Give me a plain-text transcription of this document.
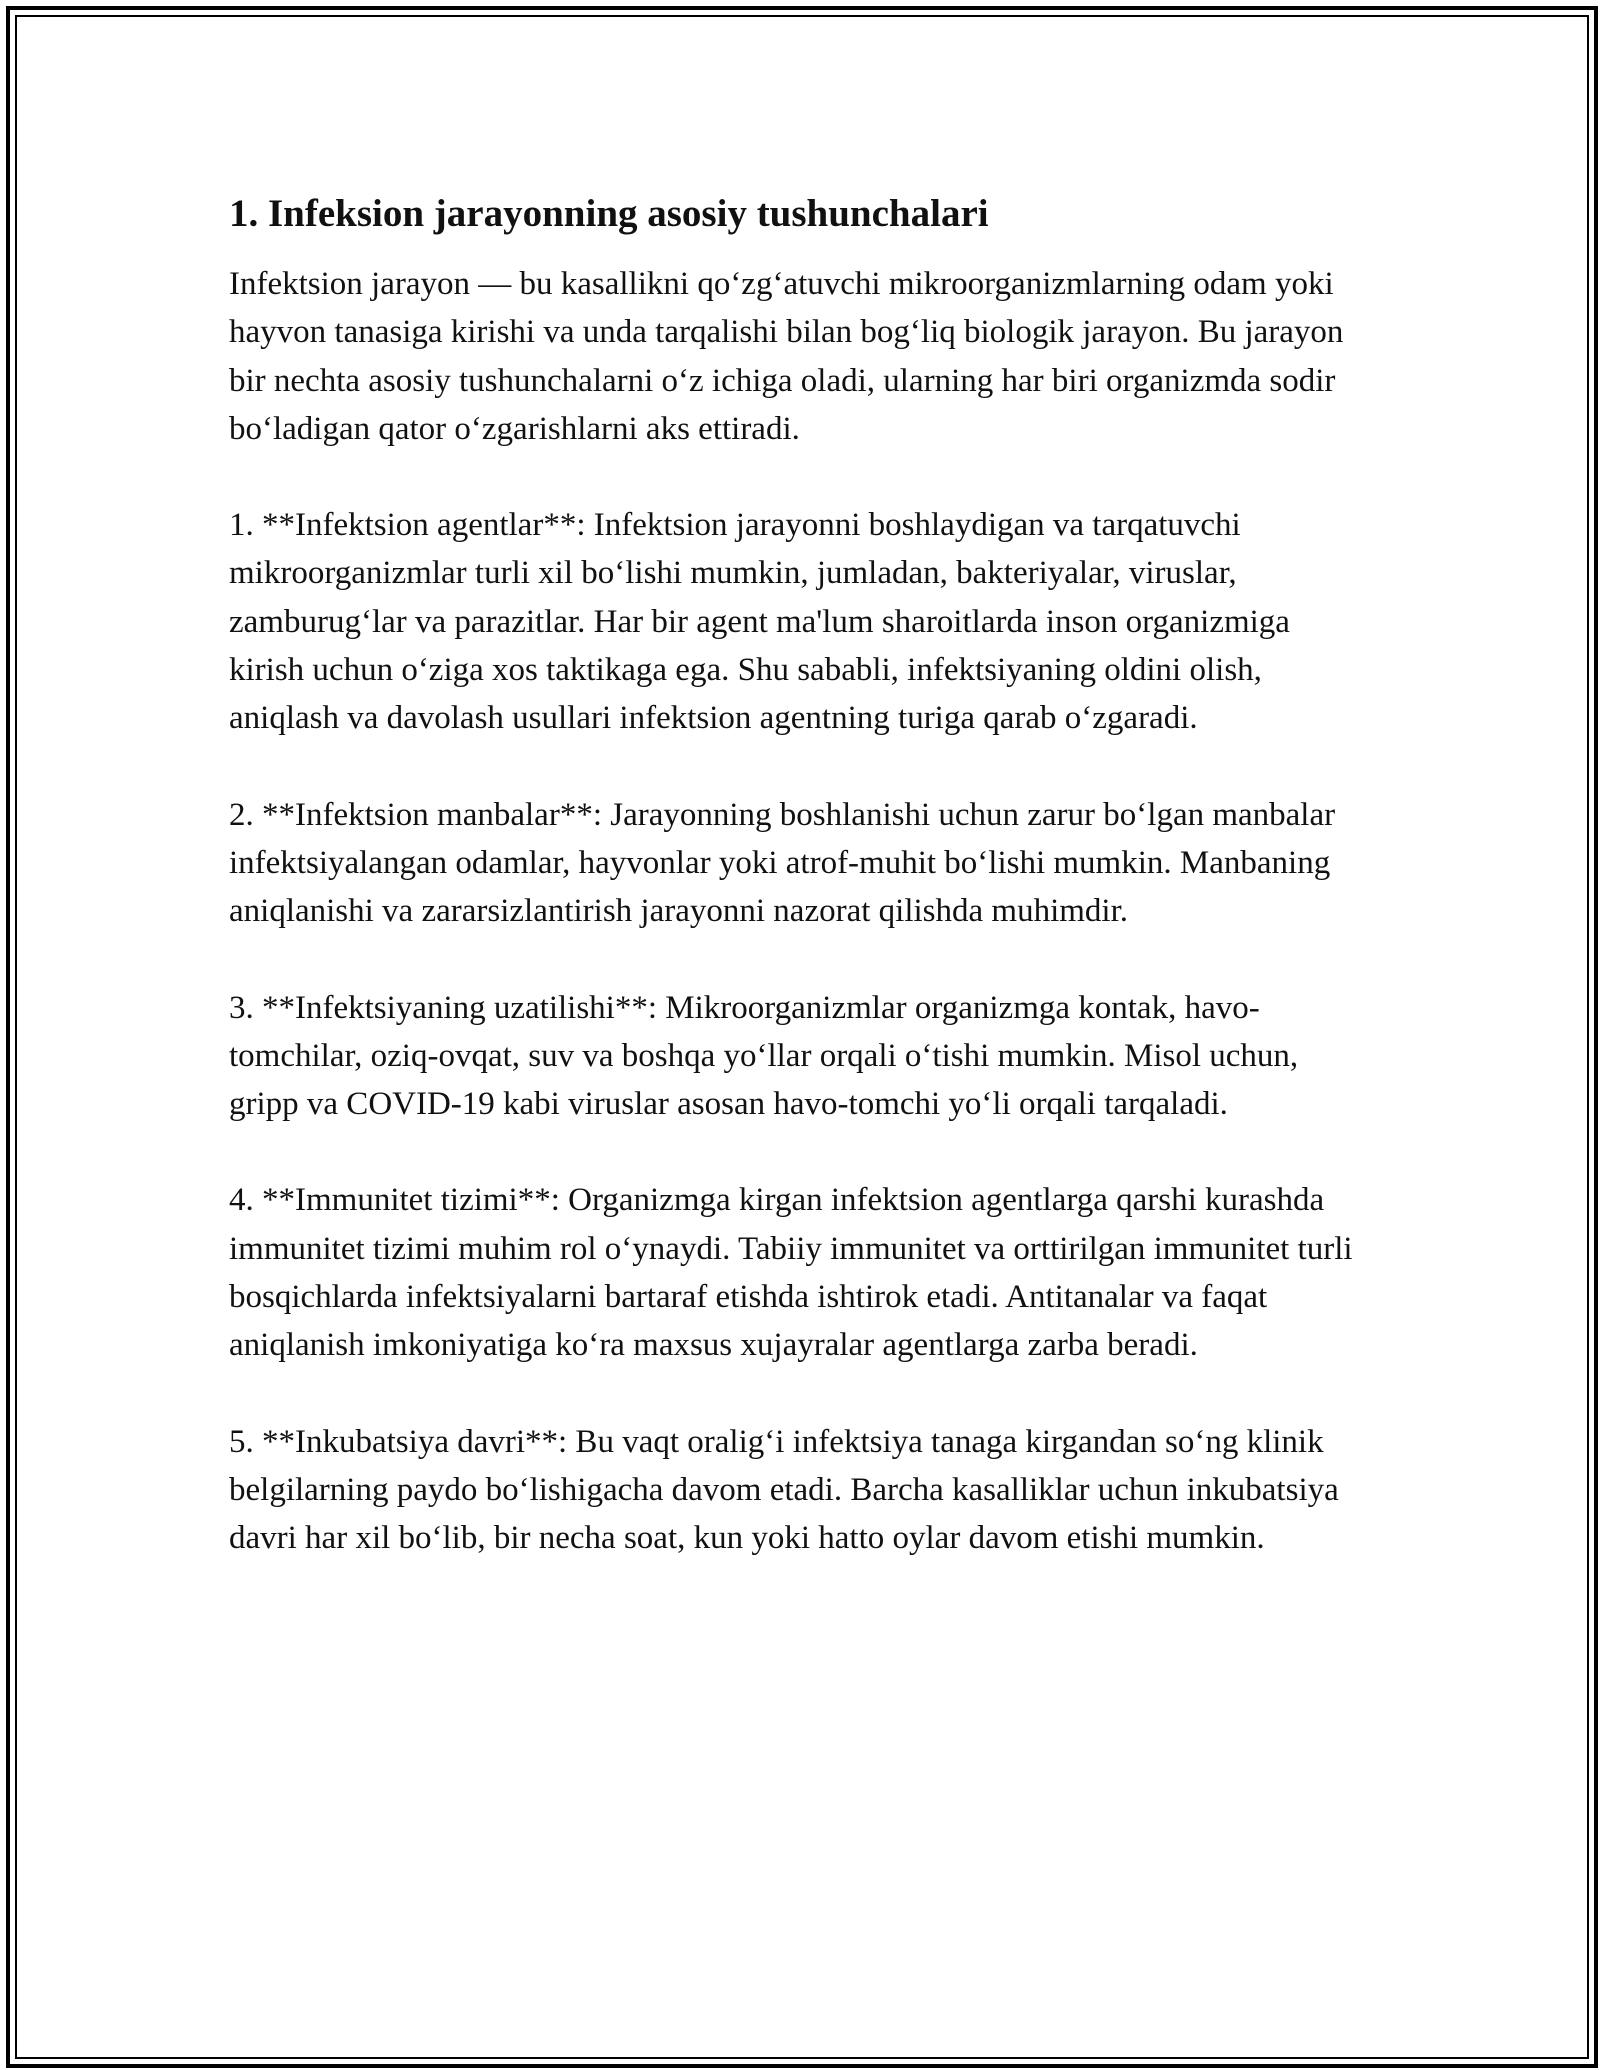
1. Infeksion jarayonning asosiy tushunchalari

Infektsion jarayon — bu kasallikni qo‘zg‘atuvchi mikroorganizmlarning odam yoki hayvon tanasiga kirishi va unda tarqalishi bilan bog‘liq biologik jarayon. Bu jarayon bir nechta asosiy tushunchalarni o‘z ichiga oladi, ularning har biri organizmda sodir bo‘ladigan qator o‘zgarishlarni aks ettiradi.

1. **Infektsion agentlar**: Infektsion jarayonni boshlaydigan va tarqatuvchi mikroorganizmlar turli xil bo‘lishi mumkin, jumladan, bakteriyalar, viruslar, zamburug‘lar va parazitlar. Har bir agent ma'lum sharoitlarda inson organizmiga kirish uchun o‘ziga xos taktikaga ega. Shu sababli, infektsiyaning oldini olish, aniqlash va davolash usullari infektsion agentning turiga qarab o‘zgaradi.

2. **Infektsion manbalar**: Jarayonning boshlanishi uchun zarur bo‘lgan manbalar infektsiyalangan odamlar, hayvonlar yoki atrof-muhit bo‘lishi mumkin. Manbaning aniqlanishi va zararsizlantirish jarayonni nazorat qilishda muhimdir.

3. **Infektsiyaning uzatilishi**: Mikroorganizmlar organizmga kontak, havo-tomchilar, oziq-ovqat, suv va boshqa yo‘llar orqali o‘tishi mumkin. Misol uchun, gripp va COVID-19 kabi viruslar asosan havo-tomchi yo‘li orqali tarqaladi.

4. **Immunitet tizimi**: Organizmga kirgan infektsion agentlarga qarshi kurashda immunitet tizimi muhim rol o‘ynaydi. Tabiiy immunitet va orttirilgan immunitet turli bosqichlarda infektsiyalarni bartaraf etishda ishtirok etadi. Antitanalar va faqat aniqlanish imkoniyatiga ko‘ra maxsus xujayralar agentlarga zarba beradi.

5. **Inkubatsiya davri**: Bu vaqt oralig‘i infektsiya tanaga kirgandan so‘ng klinik belgilarning paydo bo‘lishigacha davom etadi. Barcha kasalliklar uchun inkubatsiya davri har xil bo‘lib, bir necha soat, kun yoki hatto oylar davom etishi mumkin.
